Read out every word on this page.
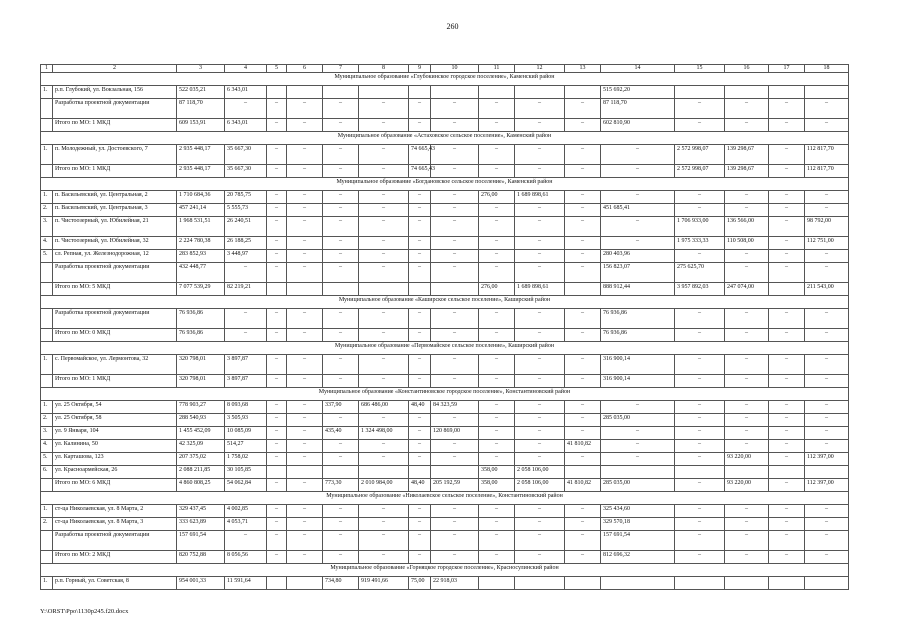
260
1	2	3	4	5	6	7	8	9	10	11	12	13	14	15	16	17	18
Муниципальное образование «Глубокинское городское поселение», Каменский район																	
1.	р.п. Глубокий, ул. Вокзальная, 156	522 035,21	6 343,01										515 692,20				
	Разработка проектной документации	87 118,70	–	–	–	–	–	–	–	–	–	–	87 118,70	–	–	–	–
	Итого по МО: 1 МКД	609 153,91	6 343,01	–	–	–	–	–	–	–	–	–	602 810,90	–	–	–	–
Муниципальное образование «Астаховское сельское поселение», Каменский район																	
1.	п. Молодежный, ул. Достоевского, 7	2 935 448,17	35 667,30	–	–	–	–	74 665,43	–	–	–	–	–	2 572 998,07	139 298,67	–	112 817,70
	Итого по МО: 1 МКД	2 935 448,17	35 667,30	–	–	–	–	74 665,43	–	–	–	–	–	2 572 998,07	139 298,67	–	112 817,70
Муниципальное образование «Богдановское сельское поселение», Каменский район																	
1.	п. Васильевский, ул. Центральная, 2	1 710 684,36	20 785,75	–	–	–	–	–	–	276,00	1 689 898,61	–	–	–	–	–	–
2.	п. Васильевский, ул. Центральная, 3	457 241,14	5 555,73	–	–	–	–	–	–	–	–	–	451 685,41	–	–	–	–
3.	п. Чистоозерный, ул. Юбилейная, 21	1 968 531,51	26 240,51	–	–	–	–	–	–	–	–	–	–	1 706 933,00	136 566,00	–	98 792,00
4.	п. Чистоозерный, ул. Юбилейная, 32	2 224 780,38	26 188,25	–	–	–	–	–	–	–	–	–	–	1 975 333,33	110 508,00	–	112 751,00
5.	сл. Репная, ул. Железнодорожная, 12	283 852,93	3 448,97	–	–	–	–	–	–	–	–	–	280 403,96	–	–	–	–
	Разработка проектной документации	432 448,77	–	–	–	–	–	–	–	–	–	–	156 823,07	275 625,70	–	–	–
	Итого по МО: 5 МКД	7 077 539,29	82 219,21							276,00	1 689 898,61		888 912,44	3 957 892,03	247 074,00		211 543,00
Муниципальное образование «Каширское сельское поселение», Каширский район																	
	Разработка проектной документации	76 936,86	–	–	–	–	–	–	–	–	–	–	76 936,86	–	–	–	–
	Итого по МО: 0 МКД	76 936,86	–	–	–	–	–	–	–	–	–	–	76 936,86	–	–	–	–
Муниципальное образование «Первомайское сельское поселение», Каширский район																	
1.	с. Первомайское, ул. Лермонтова, 32	320 798,01	3 897,87	–	–	–	–	–	–	–	–	–	316 900,14	–	–	–	–
	Итого по МО: 1 МКД	320 798,01	3 897,87	–	–	–	–	–	–	–	–	–	316 900,14	–	–	–	–
Муниципальное образование «Константиновское городское поселение», Константиновский район																	
1.	ул. 25 Октября, 54	778 903,27	8 093,68	–	–	337,90	686 486,00	48,40	84 323,59	–	–	–	–	–	–	–	–
2.	ул. 25 Октября, 58	288 540,93	3 505,93	–	–	–	–	–	–	–	–	–	285 035,00	–	–	–	–
3.	ул. 9 Января, 104	1 455 452,09	10 085,09	–	–	435,40	1 324 498,00	–	120 869,00	–	–	–	–	–	–	–	–
4.	ул. Калинина, 50	42 325,09	514,27	–	–	–	–	–	–	–	–	41 810,82	–	–	–	–	–
5.	ул. Карташова, 123	207 375,02	1 758,02	–	–	–	–	–	–	–	–	–	–	–	93 220,00	–	112 397,00
6.	ул. Красноармейская, 26	2 088 211,85	30 105,85							358,00	2 058 106,00						
	Итого по МО: 6 МКД	4 860 808,25	54 062,84	–	–	773,30	2 010 984,00	48,40	205 192,59	358,00	2 058 106,00	41 810,82	285 035,00	–	93 220,00	–	112 397,00
Муниципальное образование «Николаевское сельское поселение», Константиновский район																	
1.	ст-ца Николаевская, ул. 8 Марта, 2	329 437,45	4 002,85	–	–	–	–	–	–	–	–	–	325 434,60	–	–	–	–
2.	ст-ца Николаевская, ул. 8 Марта, 3	333 623,89	4 053,71	–	–	–	–	–	–	–	–	–	329 570,18	–	–	–	–
	Разработка проектной документации	157 691,54	–	–	–	–	–	–	–	–	–	–	157 691,54	–	–	–	–
	Итого по МО: 2 МКД	820 752,88	8 056,56	–	–	–	–	–	–	–	–	–	812 696,32	–	–	–	–
Муниципальное образование «Горняцкое городское поселение», Красносулинский район																	
1.	р.п. Горный, ул. Советская, 8	954 001,33	11 591,64			734,80	919 491,66	75,00	22 918,03								
Y:\ORST\Ppo\1130p245.f20.docx
